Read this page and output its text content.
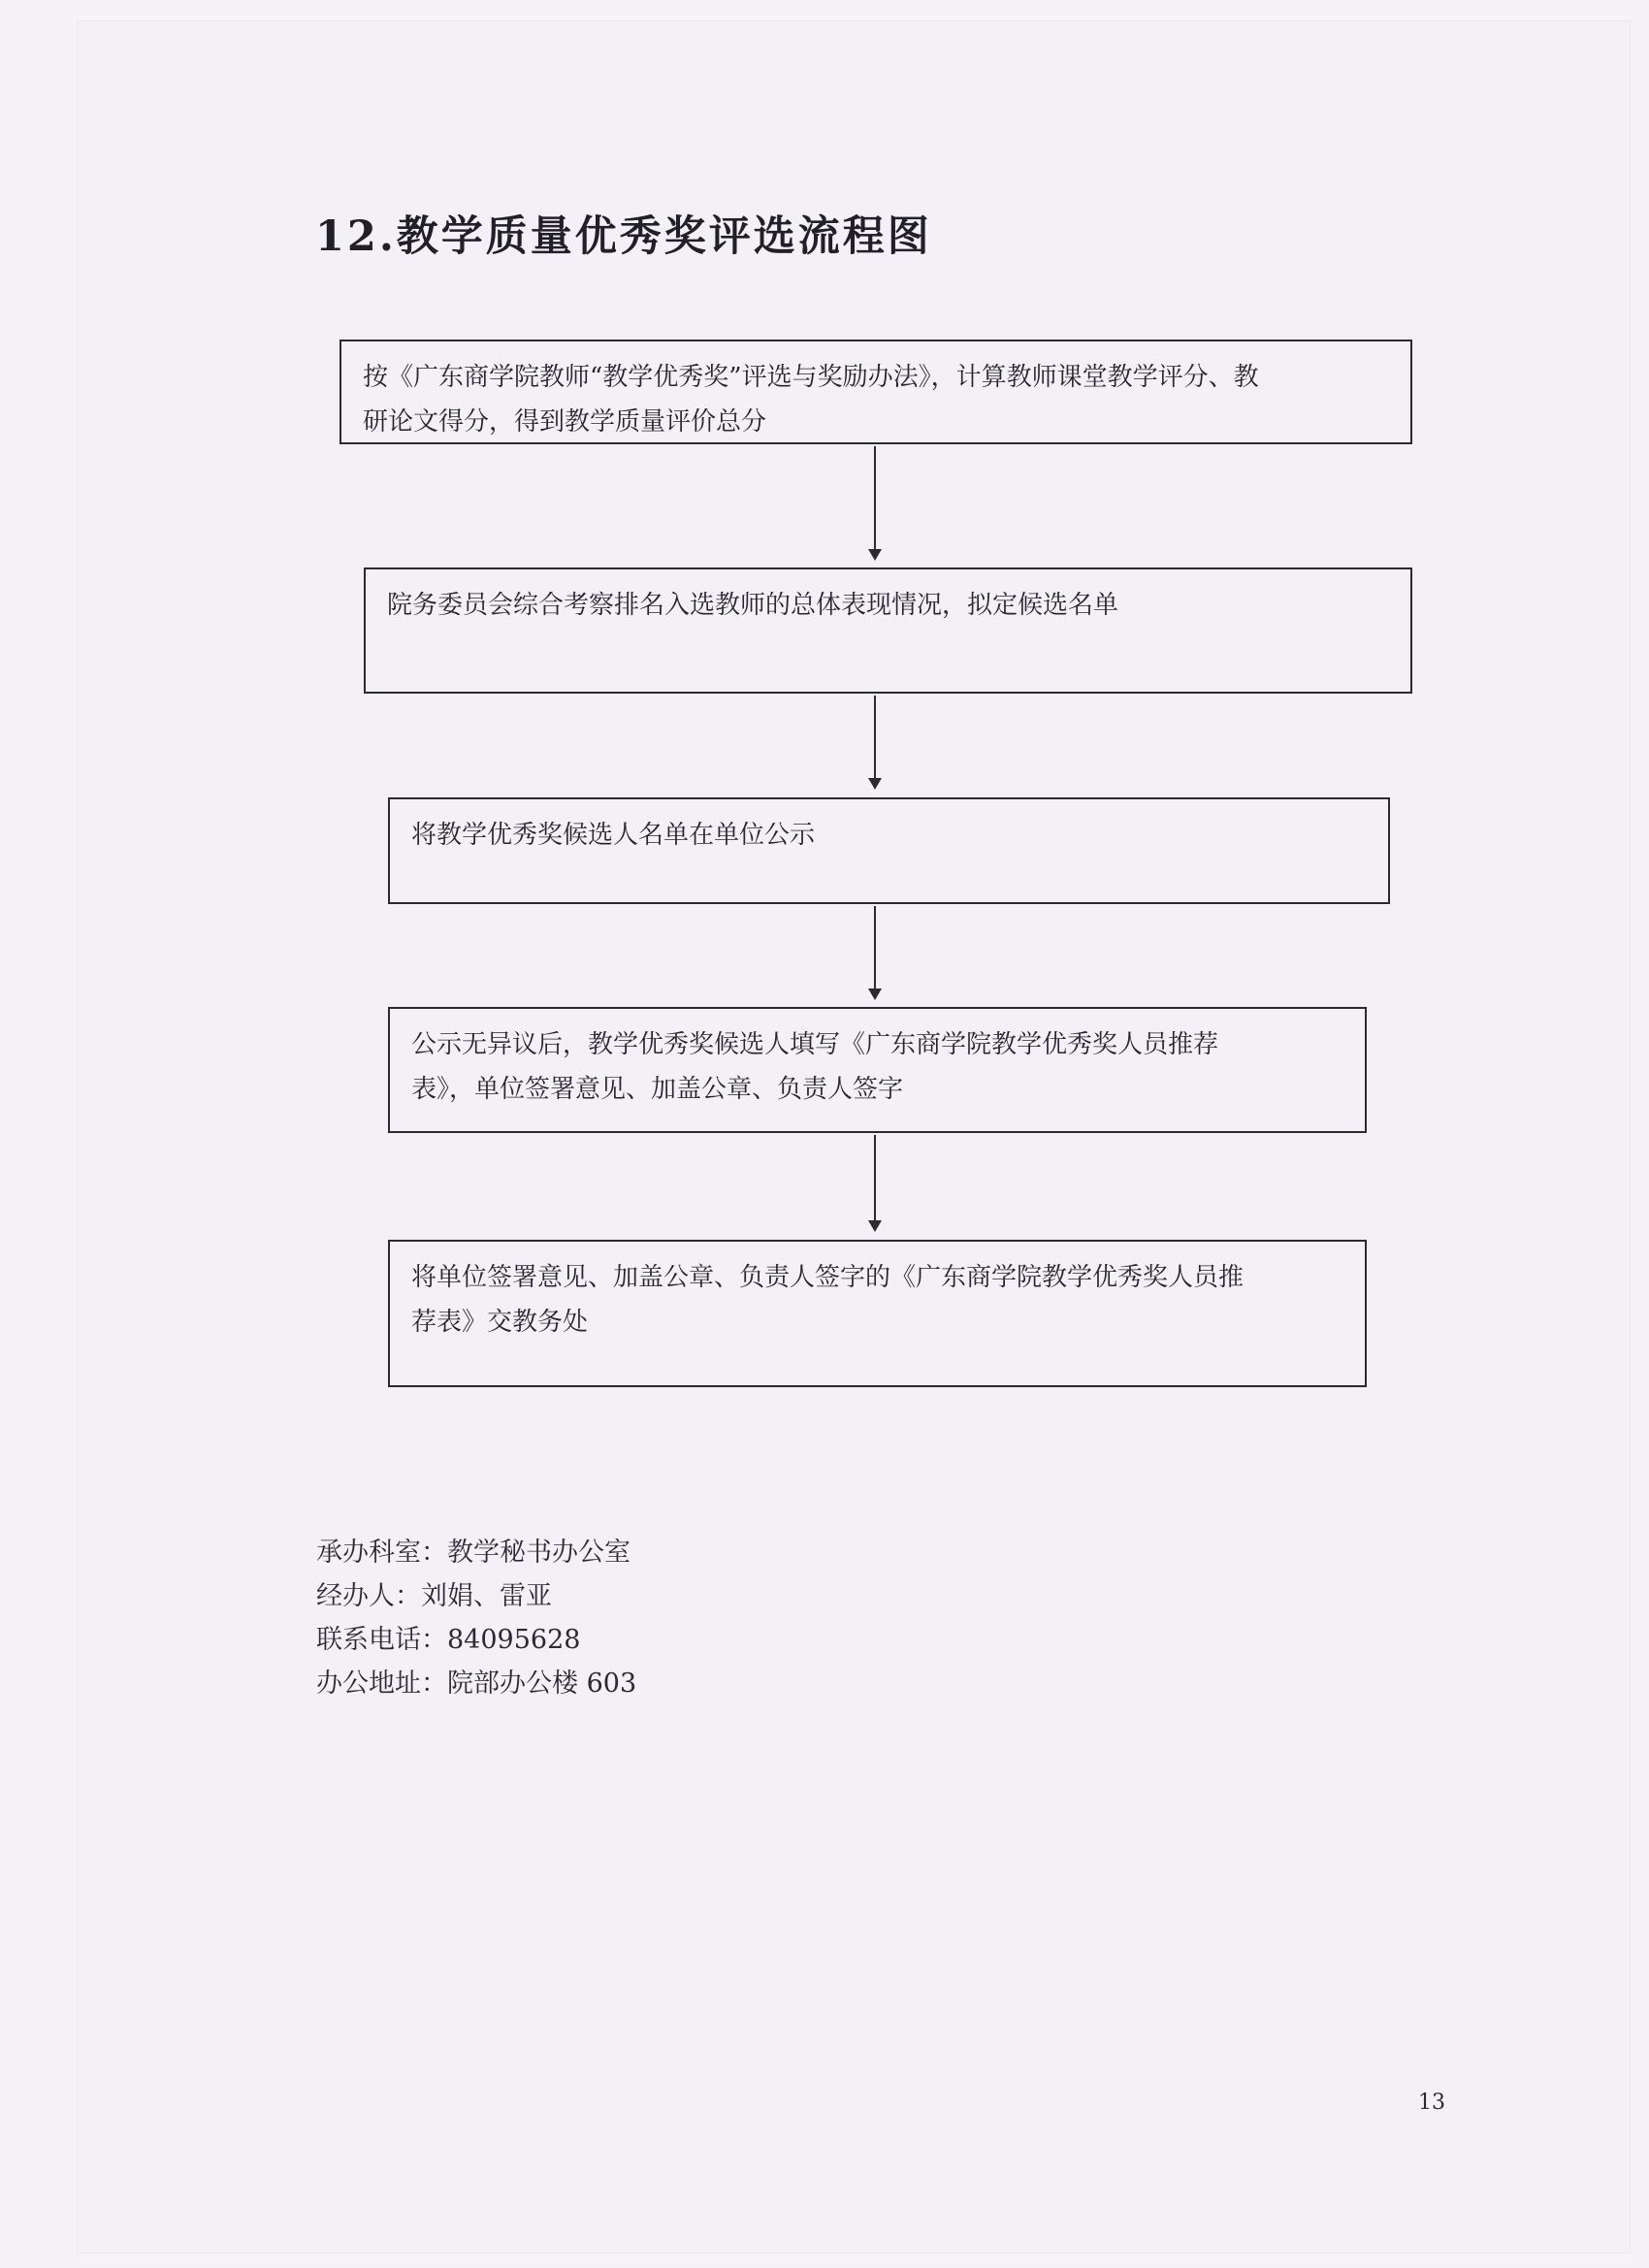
12.教学质量优秀奖评选流程图
按《广东商学院教师“教学优秀奖”评选与奖励办法》，计算教师课堂教学评分、教
研论文得分，得到教学质量评价总分
院务委员会综合考察排名入选教师的总体表现情况，拟定候选名单
将教学优秀奖候选人名单在单位公示
公示无异议后，教学优秀奖候选人填写《广东商学院教学优秀奖人员推荐
表》，单位签署意见、加盖公章、负责人签字
将单位签署意见、加盖公章、负责人签字的《广东商学院教学优秀奖人员推
荐表》交教务处
承办科室：教学秘书办公室
经办人：刘娟、雷亚
联系电话：84095628
办公地址：院部办公楼 603
13
